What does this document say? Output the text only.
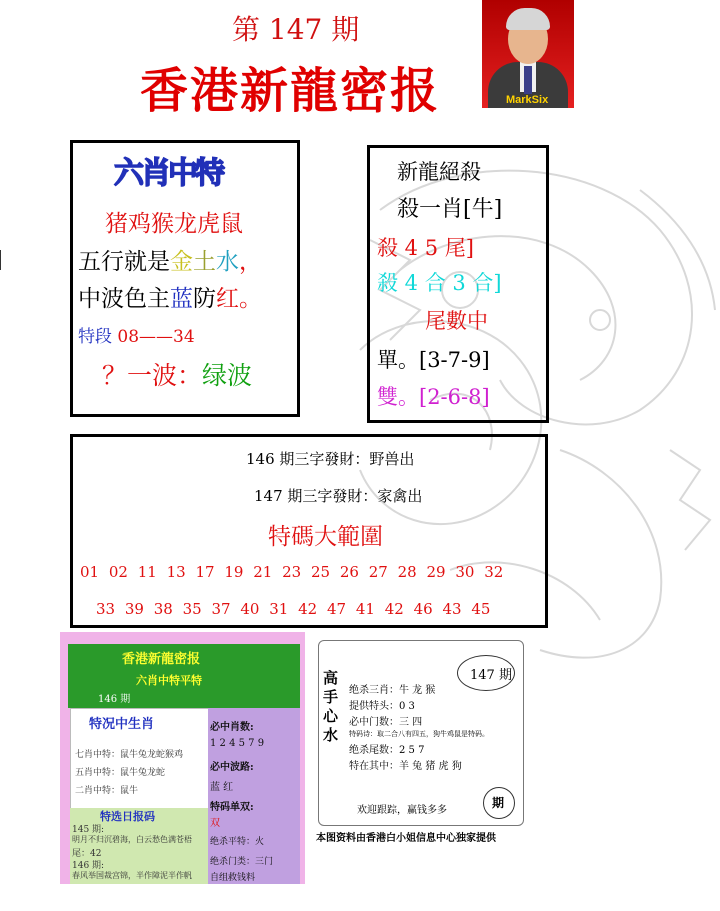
第 147 期
香港新龍密报	MarkSix
六肖中特
猪鸡猴龙虎鼠
五行就是金土水，
中波色主蓝防红。
特段 08——34
？一波：绿波
新龍絕殺
殺一肖[牛]
殺 4 5 尾]
殺 4 合 3 合]
尾數中
單。[3-7-9]
雙。[2-6-8]
146 期三字發財：野兽出
147 期三字發財：家禽出
特碼大範圍
01 02 11 13 17 19 21 23 25 26 27 28 29 30 32
33 39 38 35 37 40 31 42 47 41 42 46 43 45
香港新龍密报
六肖中特平特
146 期
特况中生肖
七肖中特：鼠牛兔龙蛇猴鸡
五肖中特：鼠牛兔龙蛇
二肖中特：鼠牛
必中肖数:
1 2 4 5 7 9
必中波路:
蓝 红
特码单双:
双
绝杀平特：火
绝杀门类：三门
自组救钱料
特选日报码
145 期:
明月不归沉碧海，白云愁色满苍梧
尾：42
146 期:
春风举国裁宫锦，半作障泥半作帆
高手心水
147 期
绝杀三肖：牛 龙 猴
提供特头：0 3
必中门数：三 四
特码诗：取二合八有四五，狗牛鸡鼠是特码。
绝杀尾数：2 5 7
特在其中：羊 兔 猪 虎 狗
欢迎跟踪，赢钱多多
期
本图资料由香港白小姐信息中心独家提供
